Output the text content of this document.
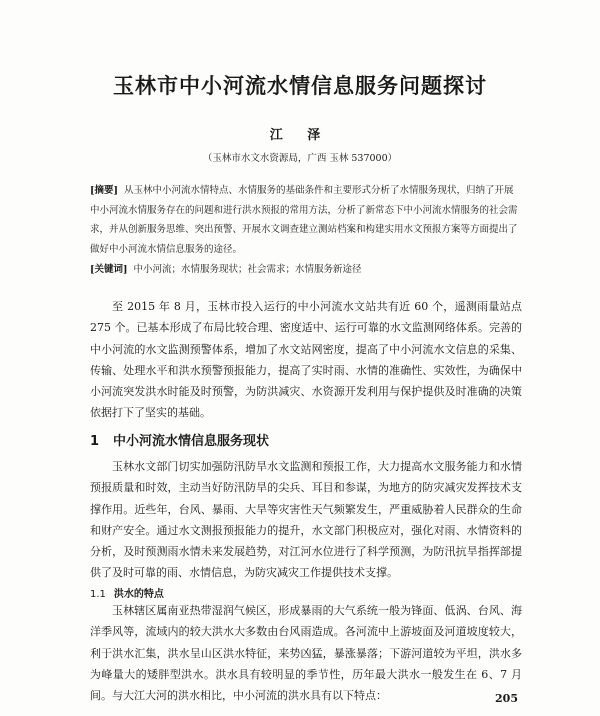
玉林市中小河流水情信息服务问题探讨
江 泽
（玉林市水文水资源局，广西 玉林 537000）
[摘要] 从玉林中小河流水情特点、水情服务的基础条件和主要形式分析了水情服务现状，归纳了开展中小河流水情服务存在的问题和进行洪水预报的常用方法，分析了新常态下中小河流水情服务的社会需求，并从创新服务思维、突出预警、开展水文调查建立测站档案和构建实用水文预报方案等方面提出了做好中小河流水情信息服务的途径。
[关键词] 中小河流；水情服务现状；社会需求；水情服务新途径
至 2015 年 8 月，玉林市投入运行的中小河流水文站共有近 60 个，遥测雨量站点 275 个。已基本形成了布局比较合理、密度适中、运行可靠的水文监测网络体系。完善的中小河流的水文监测预警体系，增加了水文站网密度，提高了中小河流水文信息的采集、传输、处理水平和洪水预警预报能力，提高了实时雨、水情的准确性、实效性，为确保中小河流突发洪水时能及时预警，为防洪减灾、水资源开发利用与保护提供及时准确的决策依据打下了坚实的基础。
1 中小河流水情信息服务现状
玉林水文部门切实加强防汛防旱水文监测和预报工作，大力提高水文服务能力和水情预报质量和时效，主动当好防汛防旱的尖兵、耳目和参谋，为地方的防灾减灾发挥技术支撑作用。近些年，台风、暴雨、大旱等灾害性天气频繁发生，严重威胁着人民群众的生命和财产安全。通过水文测报预报能力的提升，水文部门积极应对，强化对雨、水情资料的分析，及时预测雨水情未来发展趋势，对江河水位进行了科学预测，为防汛抗旱指挥部提供了及时可靠的雨、水情信息，为防灾减灾工作提供技术支撑。
1.1 洪水的特点
玉林辖区属南亚热带湿润气候区，形成暴雨的大气系统一般为锋面、低涡、台风、海洋季风等，流域内的较大洪水大多数由台风雨造成。各河流中上游坡面及河道坡度较大，利于洪水汇集，洪水呈山区洪水特征，来势凶猛，暴涨暴落；下游河道较为平坦，洪水多为峰量大的矮胖型洪水。洪水具有较明显的季节性，历年最大洪水一般发生在 6、7 月间。与大江大河的洪水相比，中小河流的洪水具有以下特点：	205
